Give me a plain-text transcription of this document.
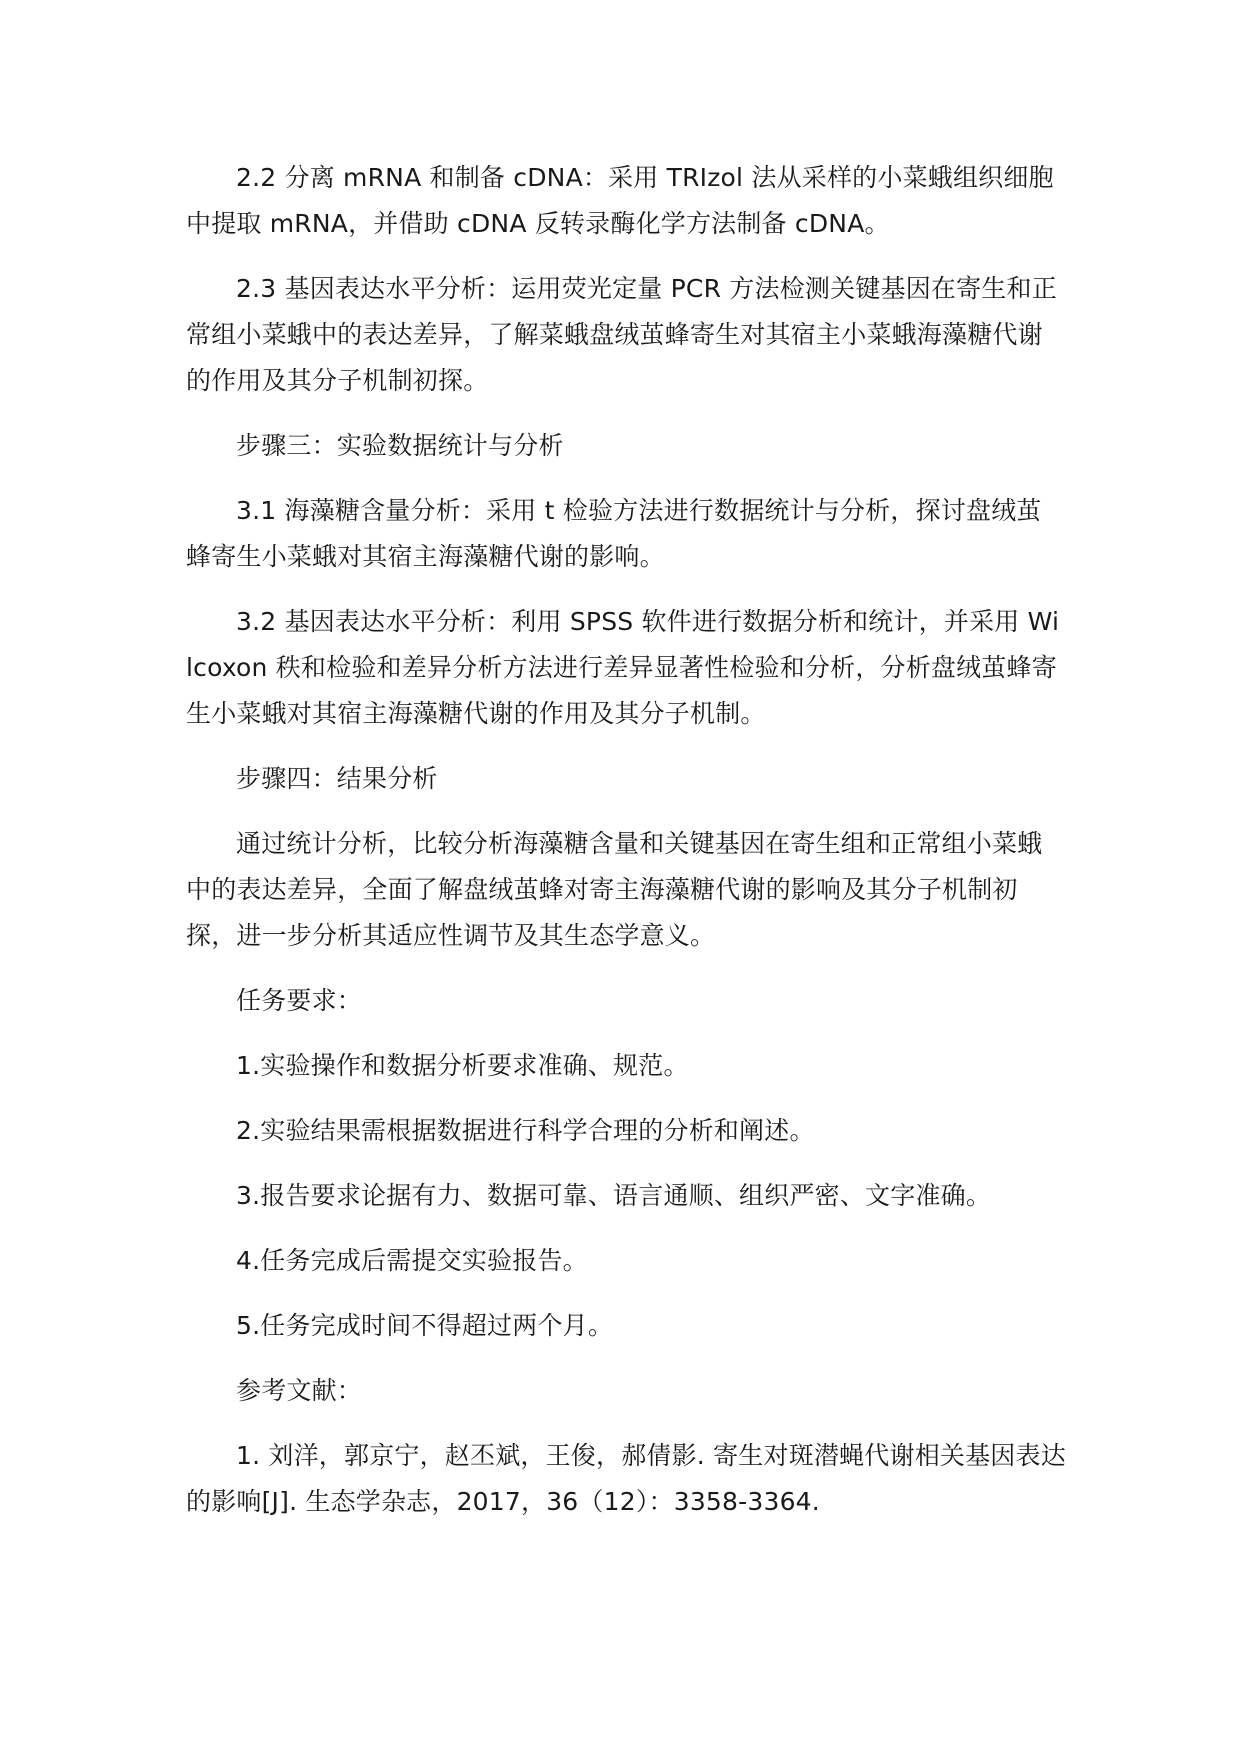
2.2 分离 mRNA 和制备 cDNA：采用 TRIzol 法从采样的小菜蛾组织细胞中提取 mRNA，并借助 cDNA 反转录酶化学方法制备 cDNA。

2.3 基因表达水平分析：运用荧光定量 PCR 方法检测关键基因在寄生和正常组小菜蛾中的表达差异，了解菜蛾盘绒茧蜂寄生对其宿主小菜蛾海藻糖代谢的作用及其分子机制初探。

步骤三：实验数据统计与分析

3.1 海藻糖含量分析：采用 t 检验方法进行数据统计与分析，探讨盘绒茧蜂寄生小菜蛾对其宿主海藻糖代谢的影响。

3.2 基因表达水平分析：利用 SPSS 软件进行数据分析和统计，并采用 Wilcoxon 秩和检验和差异分析方法进行差异显著性检验和分析，分析盘绒茧蜂寄生小菜蛾对其宿主海藻糖代谢的作用及其分子机制。

步骤四：结果分析

通过统计分析，比较分析海藻糖含量和关键基因在寄生组和正常组小菜蛾中的表达差异，全面了解盘绒茧蜂对寄主海藻糖代谢的影响及其分子机制初探，进一步分析其适应性调节及其生态学意义。

任务要求：

1.实验操作和数据分析要求准确、规范。

2.实验结果需根据数据进行科学合理的分析和阐述。

3.报告要求论据有力、数据可靠、语言通顺、组织严密、文字准确。

4.任务完成后需提交实验报告。

5.任务完成时间不得超过两个月。

参考文献：

1. 刘洋，郭京宁，赵丕斌，王俊，郝倩影. 寄生对斑潜蝇代谢相关基因表达的影响[J]. 生态学杂志，2017，36（12）：3358-3364.
